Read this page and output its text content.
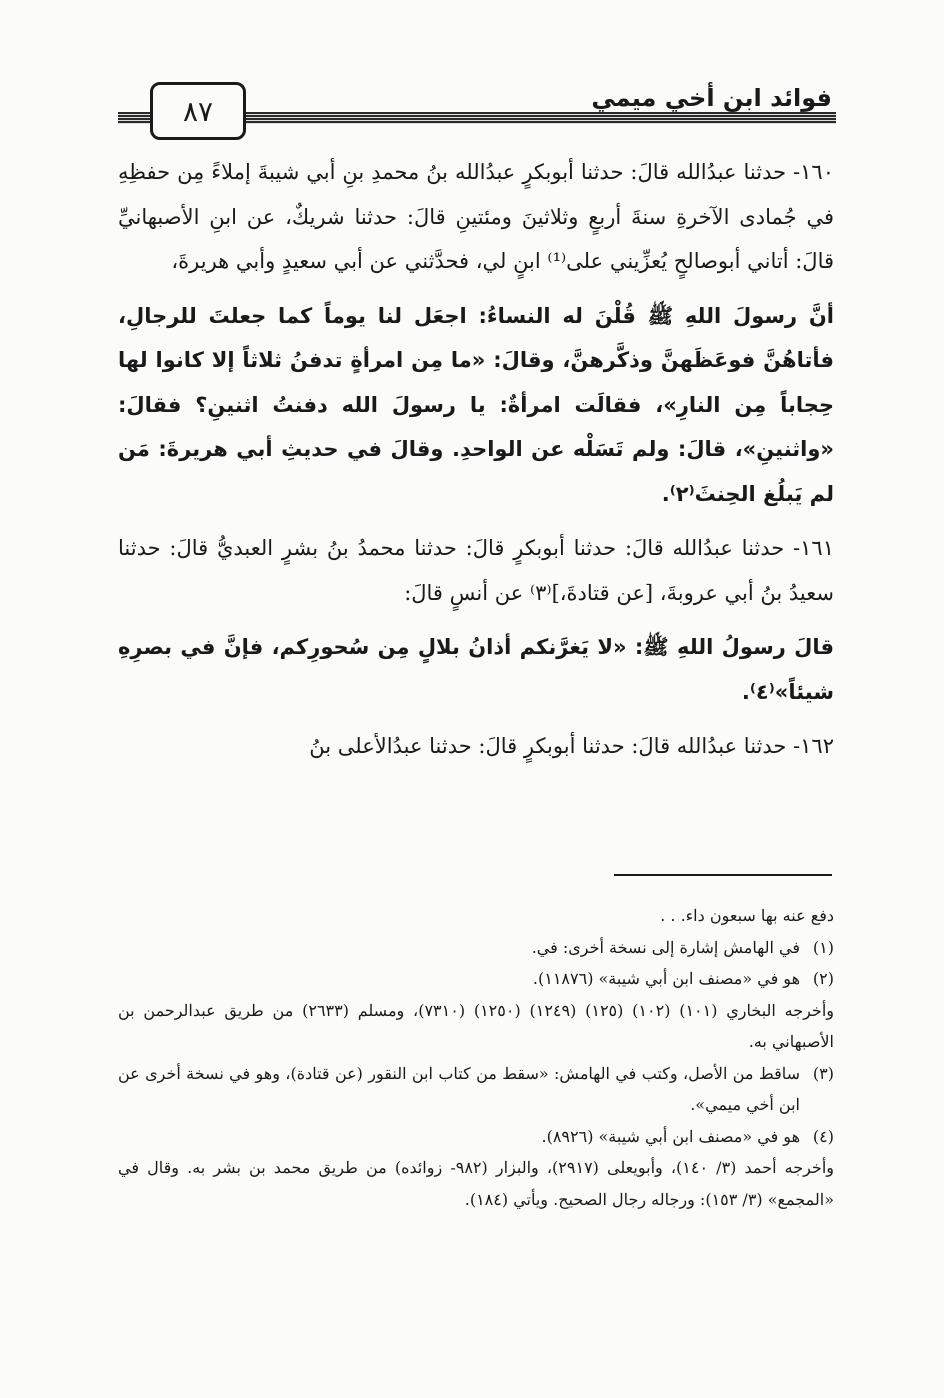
فوائد ابن أخي ميمي
٨٧

١٦٠- حدثنا عبدُالله قالَ: حدثنا أبوبكرٍ عبدُالله بنُ محمدِ بنِ أبي شيبةَ إملاءً مِن حفظِهِ في جُمادى الآخرةِ سنةَ أربعٍ وثلاثينَ ومئتينِ قالَ: حدثنا شريكٌ، عن ابنِ الأصبهانيِّ قالَ: أتاني أبوصالحٍ يُعزِّيني على⁽¹⁾ ابنٍ لي، فحدَّثني عن أبي سعيدٍ وأبي هريرةَ،

أنَّ رسولَ اللهِ ﷺ قُلْنَ له النساءُ: اجعَل لنا يوماً كما جعلتَ للرجالِ، فأتاهُنَّ فوعَظَهنَّ وذكَّرهنَّ، وقالَ: «ما مِن امرأةٍ تدفنُ ثلاثاً إلا كانوا لها حِجاباً مِن النارِ»، فقالَت امرأةٌ: يا رسولَ الله دفنتُ اثنينِ؟ فقالَ: «واثنينِ»، قالَ: ولم تَسَلْه عن الواحدِ. وقالَ في حديثِ أبي هريرةَ: مَن لم يَبلُغ الحِنثَ⁽٢⁾.

١٦١- حدثنا عبدُالله قالَ: حدثنا أبوبكرٍ قالَ: حدثنا محمدُ بنُ بشرٍ العبديُّ قالَ: حدثنا سعيدُ بنُ أبي عروبةَ، [عن قتادةَ،]⁽٣⁾ عن أنسٍ قالَ:

قالَ رسولُ اللهِ ﷺ: «لا يَغرَّنكم أذانُ بلالٍ مِن سُحورِكم، فإنَّ في بصرِهِ شيئاً»⁽٤⁾.

١٦٢- حدثنا عبدُالله قالَ: حدثنا أبوبكرٍ قالَ: حدثنا عبدُالأعلى بنُ

دفع عنه بها سبعون داء. . .

(١)في الهامش إشارة إلى نسخة أخرى: في.

(٢)هو في «مصنف ابن أبي شيبة» (١١٨٧٦).

وأخرجه البخاري (١٠١) (١٠٢) (١٢٥) (١٢٤٩) (١٢٥٠) (٧٣١٠)، ومسلم (٢٦٣٣) من طريق عبدالرحمن بن الأصبهاني به.

(٣)ساقط من الأصل، وكتب في الهامش: «سقط من كتاب ابن النقور (عن قتادة)، وهو في نسخة أخرى عن ابن أخي ميمي».

(٤)هو في «مصنف ابن أبي شيبة» (٨٩٢٦).

وأخرجه أحمد (٣/ ١٤٠)، وأبويعلى (٢٩١٧)، والبزار (٩٨٢- زوائده) من طريق محمد بن بشر به. وقال في «المجمع» (٣/ ١٥٣): ورجاله رجال الصحيح. ويأتي (١٨٤).
